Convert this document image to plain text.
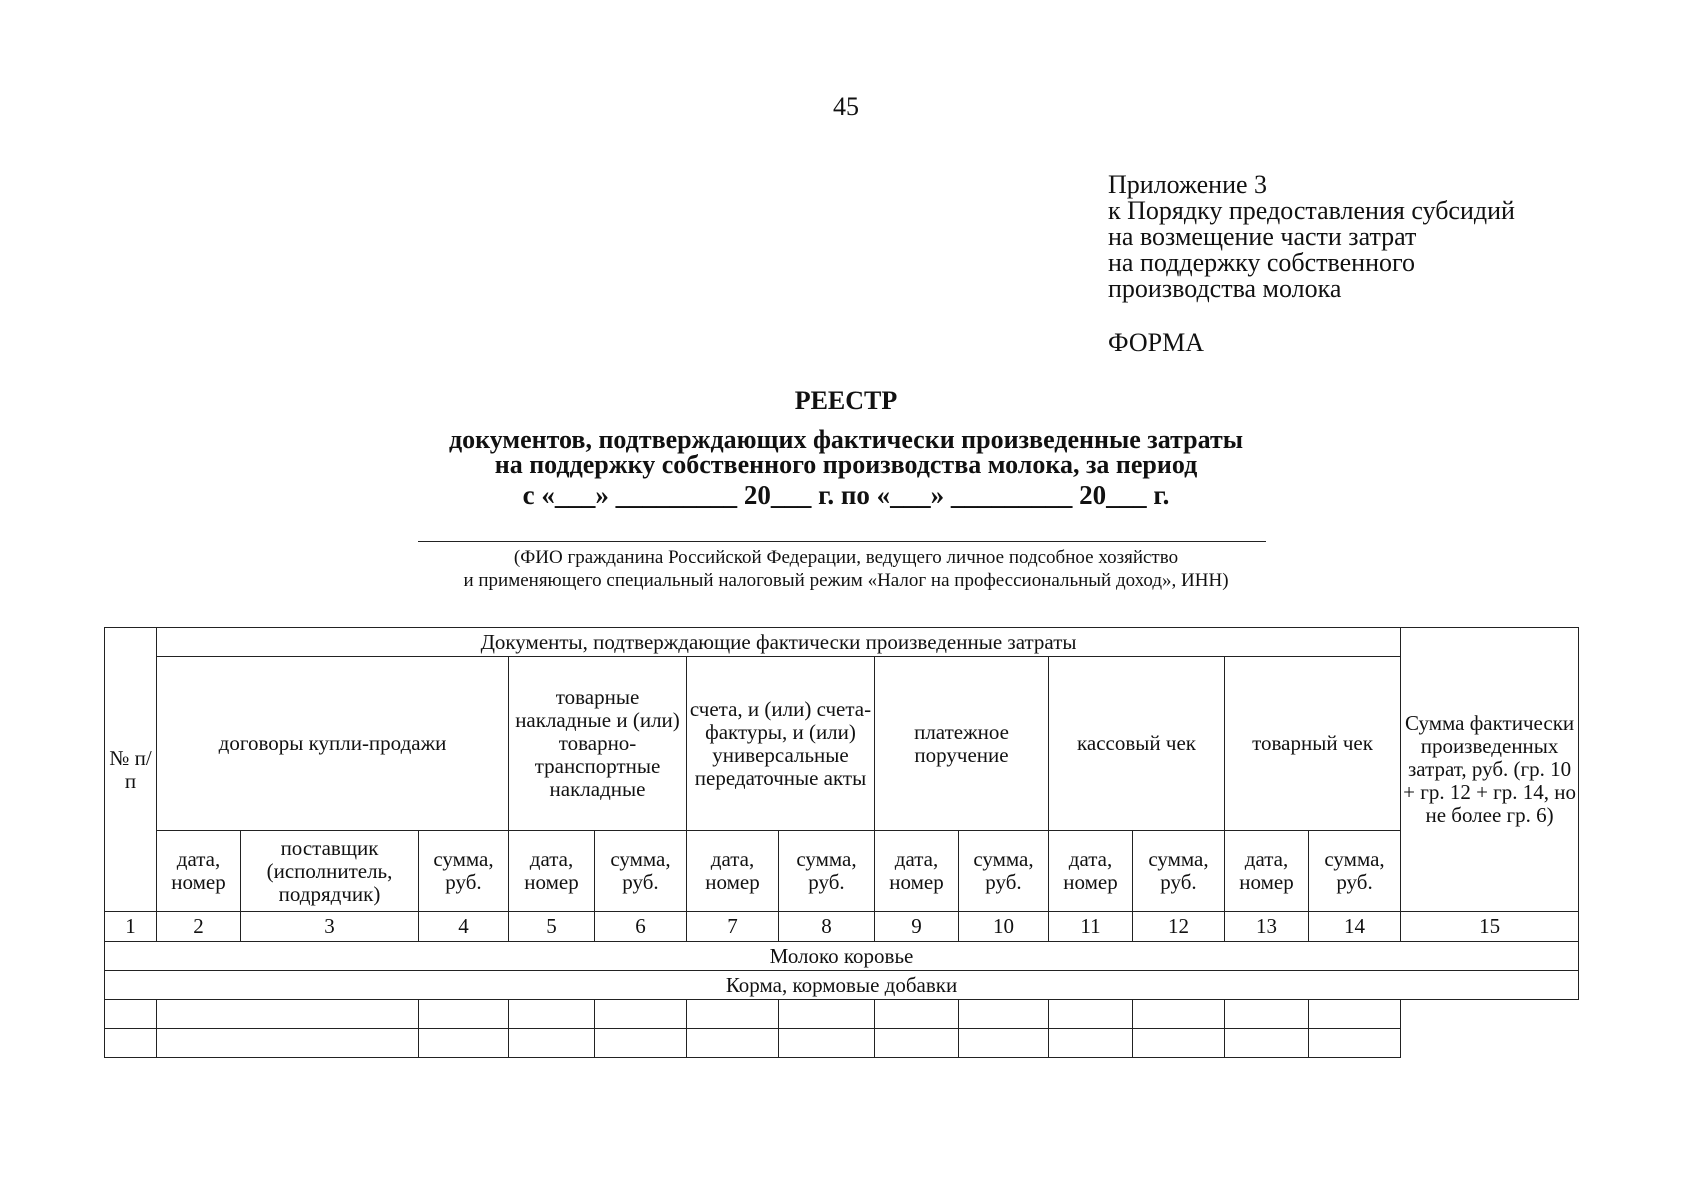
45
Приложение 3
к Порядку предоставления субсидий
на возмещение части затрат
на поддержку собственного
производства молока
ФОРМА
РЕЕСТР
документов, подтверждающих фактически произведенные затраты
на поддержку собственного производства молока, за период
с «___» _________ 20___ г. по «___» _________ 20___ г.
(ФИО гражданина Российской Федерации, ведущего личное подсобное хозяйство
и применяющего специальный налоговый режим «Налог на профессиональный доход», ИНН)
№ п/п	Документы, подтверждающие фактически произведенные затраты													Сумма фактически произведенных затрат, руб. (гр. 10 + гр. 12 + гр. 14, но не более гр. 6)
	договоры купли-продажи			товарные накладные и (или) товарно-транспортные накладные		счета, и (или) счета-фактуры, и (или) универсальные передаточные акты		платежное поручение		кассовый чек		товарный чек		
	дата, номер	поставщик (исполнитель, подрядчик)	сумма, руб.	дата, номер	сумма, руб.	дата, номер	сумма, руб.	дата, номер	сумма, руб.	дата, номер	сумма, руб.	дата, номер	сумма, руб.	
1	2	3	4	5	6	7	8	9	10	11	12	13	14	15
Молоко коровье														
Корма, кормовые добавки														
